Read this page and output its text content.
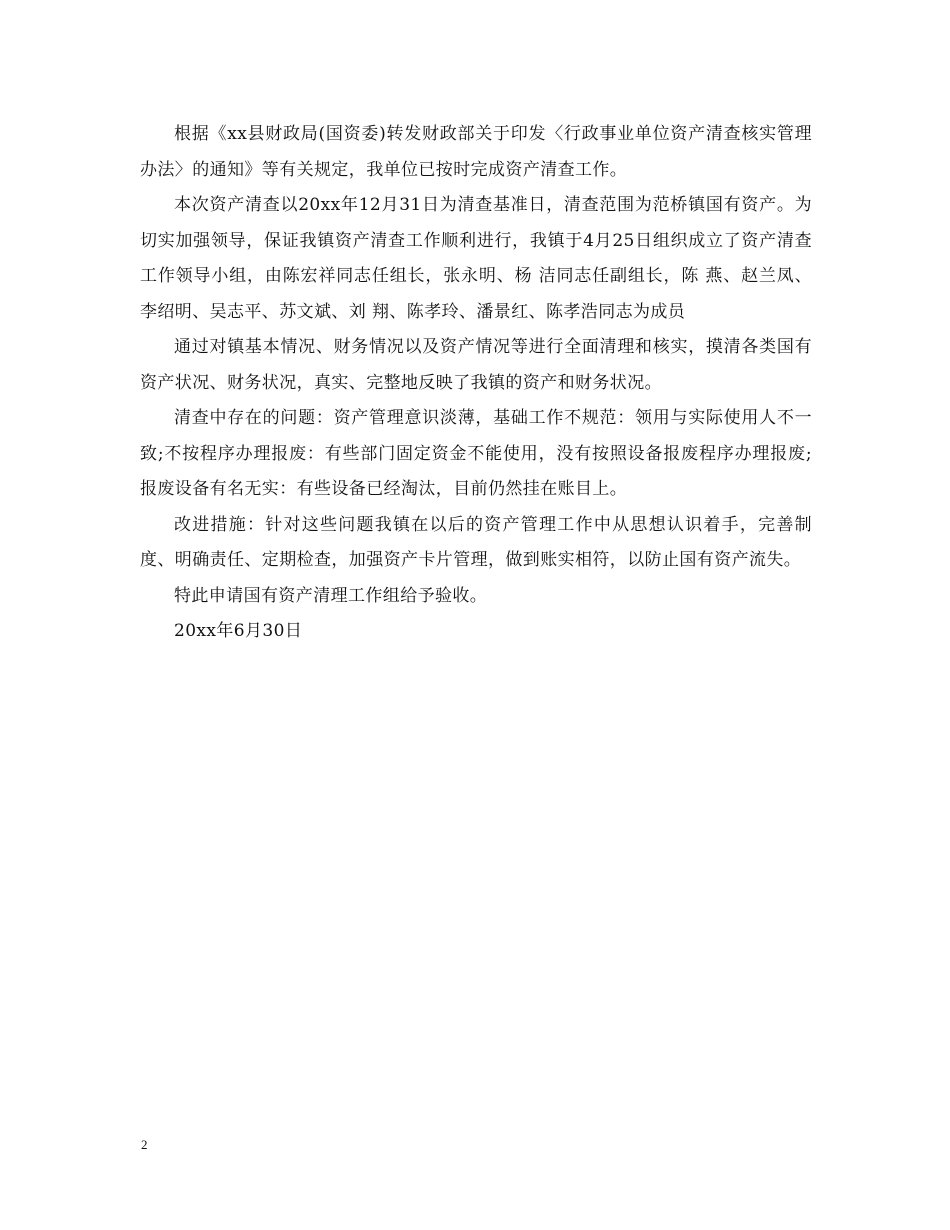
根据《xx县财政局(国资委)转发财政部关于印发〈行政事业单位资产清查核实管理办法〉的通知》等有关规定，我单位已按时完成资产清查工作。

本次资产清查以20xx年12月31日为清查基准日，清查范围为范桥镇国有资产。为切实加强领导，保证我镇资产清查工作顺利进行，我镇于4月25日组织成立了资产清查工作领导小组，由陈宏祥同志任组长，张永明、杨 洁同志任副组长，陈 燕、赵兰凤、李绍明、吴志平、苏文斌、刘 翔、陈孝玲、潘景红、陈孝浩同志为成员

通过对镇基本情况、财务情况以及资产情况等进行全面清理和核实，摸清各类国有资产状况、财务状况，真实、完整地反映了我镇的资产和财务状况。

清查中存在的问题：资产管理意识淡薄，基础工作不规范：领用与实际使用人不一致;不按程序办理报废：有些部门固定资金不能使用，没有按照设备报废程序办理报废;报废设备有名无实：有些设备已经淘汰，目前仍然挂在账目上。

改进措施：针对这些问题我镇在以后的资产管理工作中从思想认识着手，完善制度、明确责任、定期检查，加强资产卡片管理，做到账实相符，以防止国有资产流失。

特此申请国有资产清理工作组给予验收。

20xx年6月30日

2
